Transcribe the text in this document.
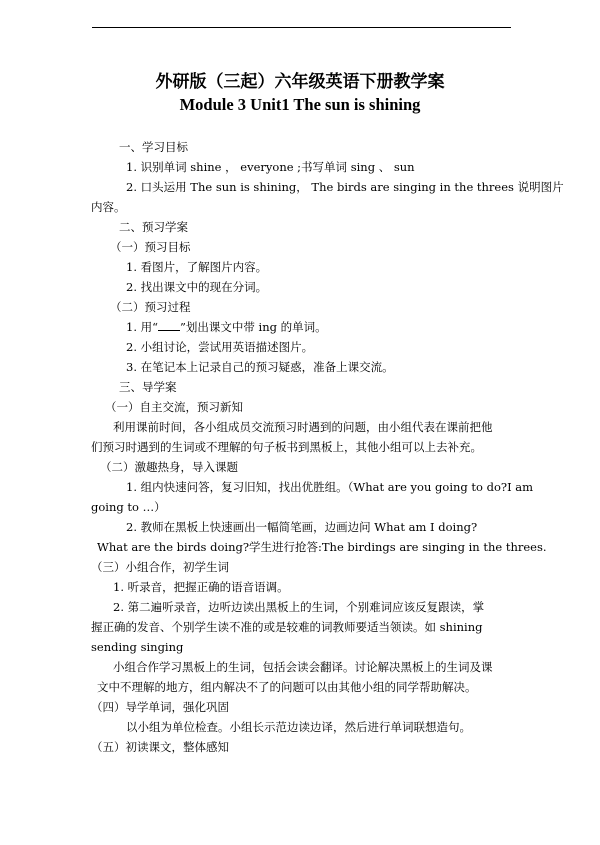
外研版（三起）六年级英语下册教学案
Module 3 Unit1 The sun is shining
一、学习目标
1. 识别单词 shine ， everyone ;书写单词 sing 、 sun
2. 口头运用 The sun is shining， The birds are singing in the threes 说明图片
内容。
二、预习学案
（一）预习目标
1. 看图片，了解图片内容。
2. 找出课文中的现在分词。
（二）预习过程
1. 用“ ”划出课文中带 ing 的单词。
2. 小组讨论，尝试用英语描述图片。
3. 在笔记本上记录自己的预习疑惑，准备上课交流。
三、导学案
（一）自主交流，预习新知
利用课前时间，各小组成员交流预习时遇到的问题，由小组代表在课前把他
们预习时遇到的生词或不理解的句子板书到黑板上，其他小组可以上去补充。
（二）激趣热身，导入课题
1. 组内快速问答，复习旧知，找出优胜组。（What are you going to do?I am
going to …）
2. 教师在黑板上快速画出一幅简笔画，边画边问 What am I doing?
What are the birds doing?学生进行抢答:The birdings are singing in the threes.
（三）小组合作，初学生词
1. 听录音，把握正确的语音语调。
2. 第二遍听录音，边听边读出黑板上的生词，个别难词应该反复跟读，掌
握正确的发音、个别学生读不准的或是较难的词教师要适当领读。如 shining
sending singing
小组合作学习黑板上的生词，包括会读会翻译。讨论解决黑板上的生词及课
文中不理解的地方，组内解决不了的问题可以由其他小组的同学帮助解决。
（四）导学单词，强化巩固
以小组为单位检查。小组长示范边读边译，然后进行单词联想造句。
（五）初读课文，整体感知
